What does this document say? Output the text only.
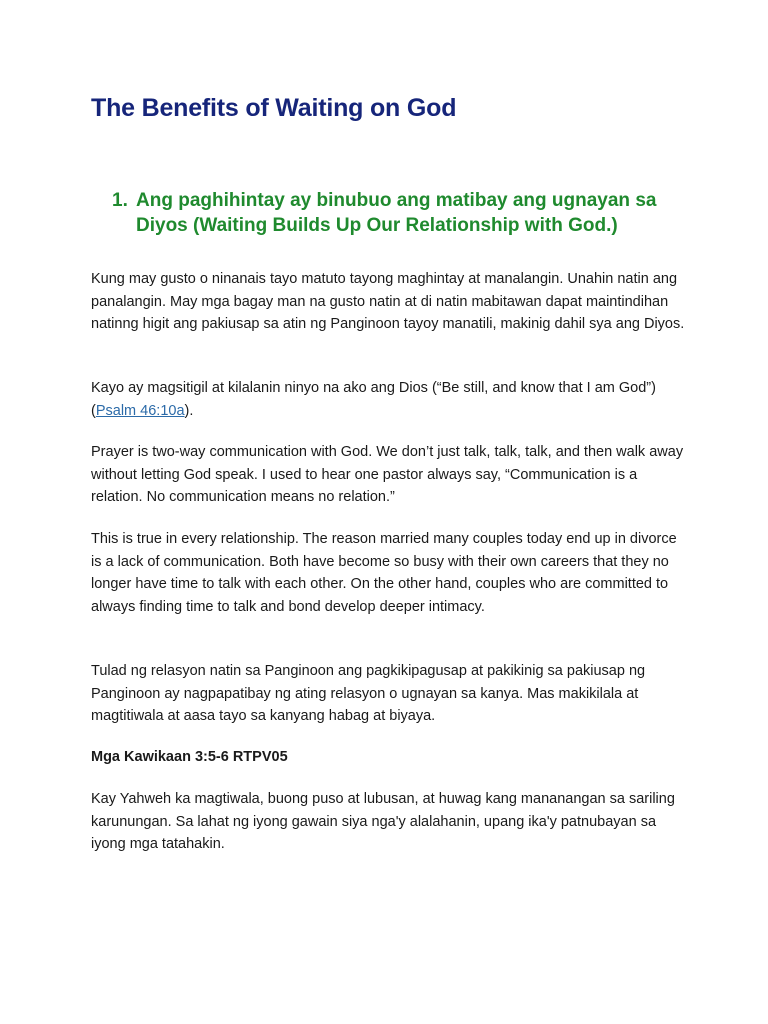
The Benefits of Waiting on God
1. Ang paghihintay ay binubuo ang matibay ang ugnayan sa Diyos (Waiting Builds Up Our Relationship with God.)

Kung may gusto o ninanais tayo matuto tayong maghintay at manalangin. Unahin natin ang panalangin. May mga bagay man na gusto natin at di natin mabitawan dapat maintindihan natinng higit ang pakiusap sa atin ng Panginoon tayoy manatili, makinig dahil sya ang Diyos.

Kayo ay magsitigil at kilalanin ninyo na ako ang Dios (“Be still, and know that I am God”) (Psalm 46:10a).

Prayer is two-way communication with God. We don’t just talk, talk, talk, and then walk away without letting God speak. I used to hear one pastor always say, “Communication is a relation. No communication means no relation.”

This is true in every relationship. The reason married many couples today end up in divorce is a lack of communication. Both have become so busy with their own careers that they no longer have time to talk with each other. On the other hand, couples who are committed to always finding time to talk and bond develop deeper intimacy.

Tulad ng relasyon natin sa Panginoon ang pagkikipagusap at pakikinig sa pakiusap ng Panginoon ay nagpapatibay ng ating relasyon o ugnayan sa kanya. Mas makikilala at magtitiwala at aasa tayo sa kanyang habag at biyaya.

Mga Kawikaan 3:5-6 RTPV05

Kay Yahweh ka magtiwala, buong puso at lubusan, at huwag kang mananangan sa sariling karunungan. Sa lahat ng iyong gawain siya nga'y alalahanin, upang ika'y patnubayan sa iyong mga tatahakin.
